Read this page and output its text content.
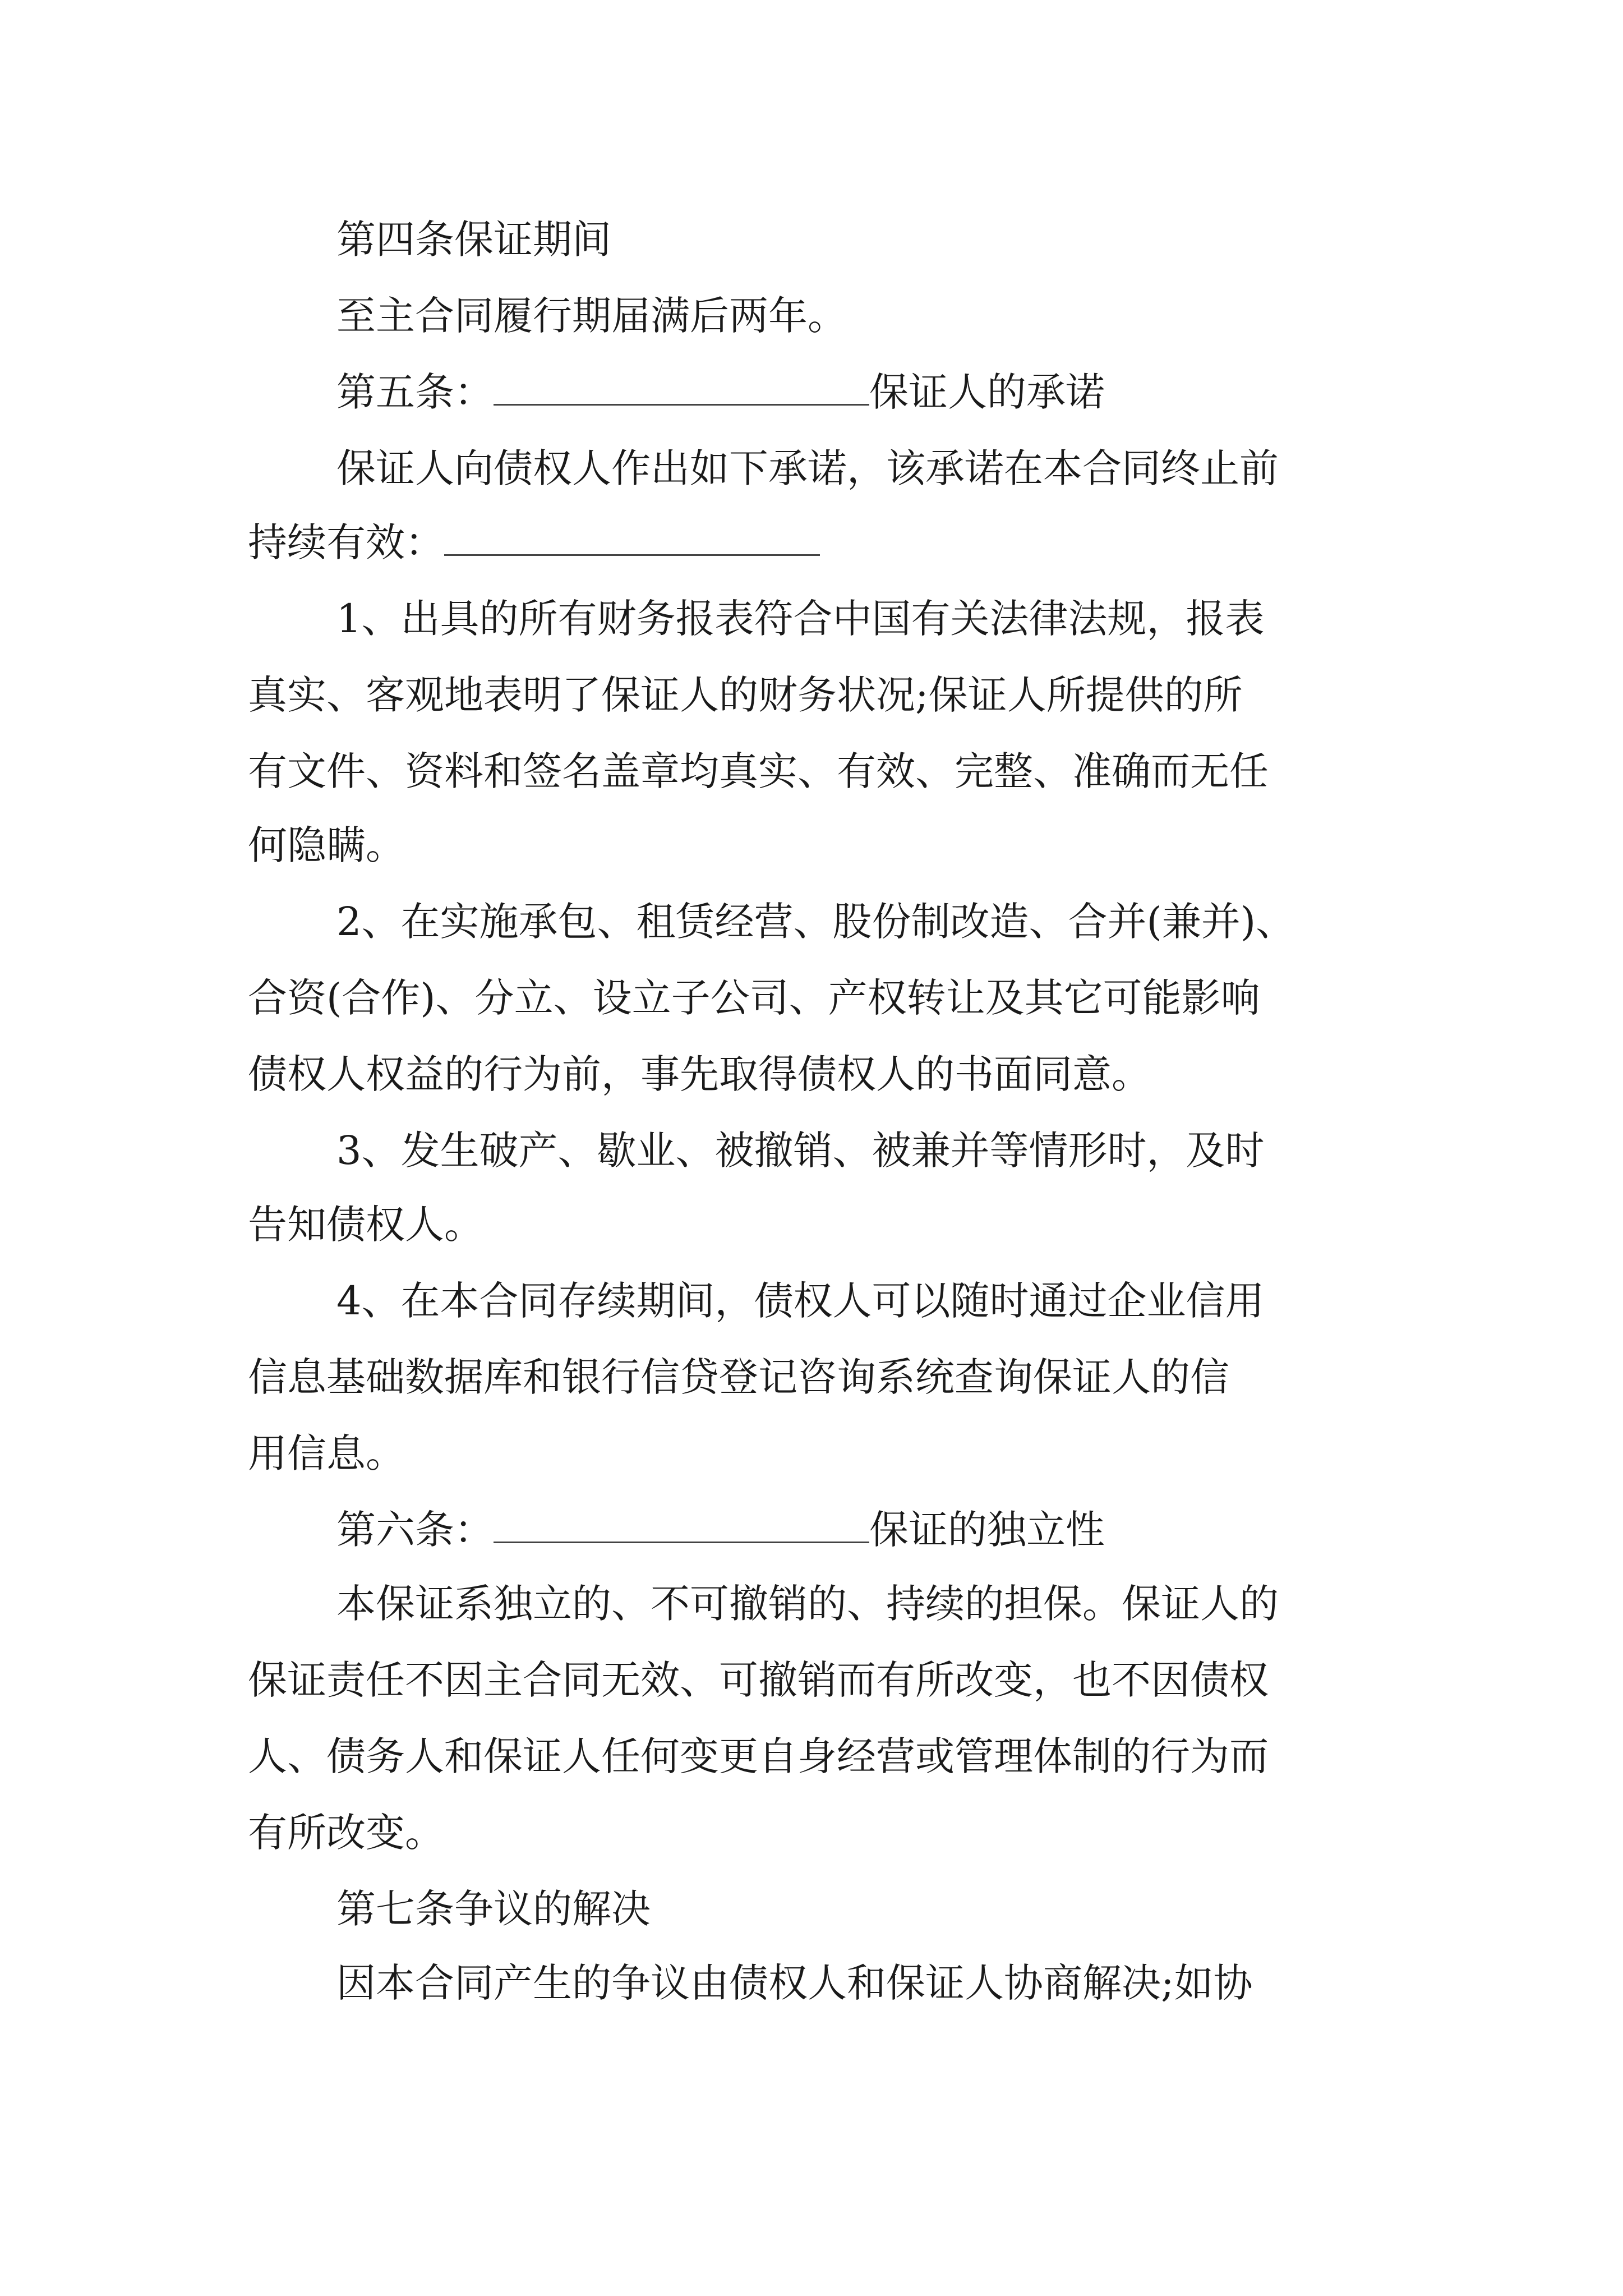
第四条保证期间

至主合同履行期届满后两年。

第五条：	保证人的承诺

保证人向债权人作出如下承诺，该承诺在本合同终止前

持续有效：

1、出具的所有财务报表符合中国有关法律法规，报表

真实、客观地表明了保证人的财务状况;保证人所提供的所

有文件、资料和签名盖章均真实、有效、完整、准确而无任

何隐瞒。

2、在实施承包、租赁经营、股份制改造、合并(兼并)、

合资(合作)、分立、设立子公司、产权转让及其它可能影响

债权人权益的行为前，事先取得债权人的书面同意。

3、发生破产、歇业、被撤销、被兼并等情形时，及时

告知债权人。

4、在本合同存续期间，债权人可以随时通过企业信用

信息基础数据库和银行信贷登记咨询系统查询保证人的信

用信息。

第六条：	保证的独立性

本保证系独立的、不可撤销的、持续的担保。保证人的

保证责任不因主合同无效、可撤销而有所改变，也不因债权

人、债务人和保证人任何变更自身经营或管理体制的行为而

有所改变。

第七条争议的解决

因本合同产生的争议由债权人和保证人协商解决;如协
